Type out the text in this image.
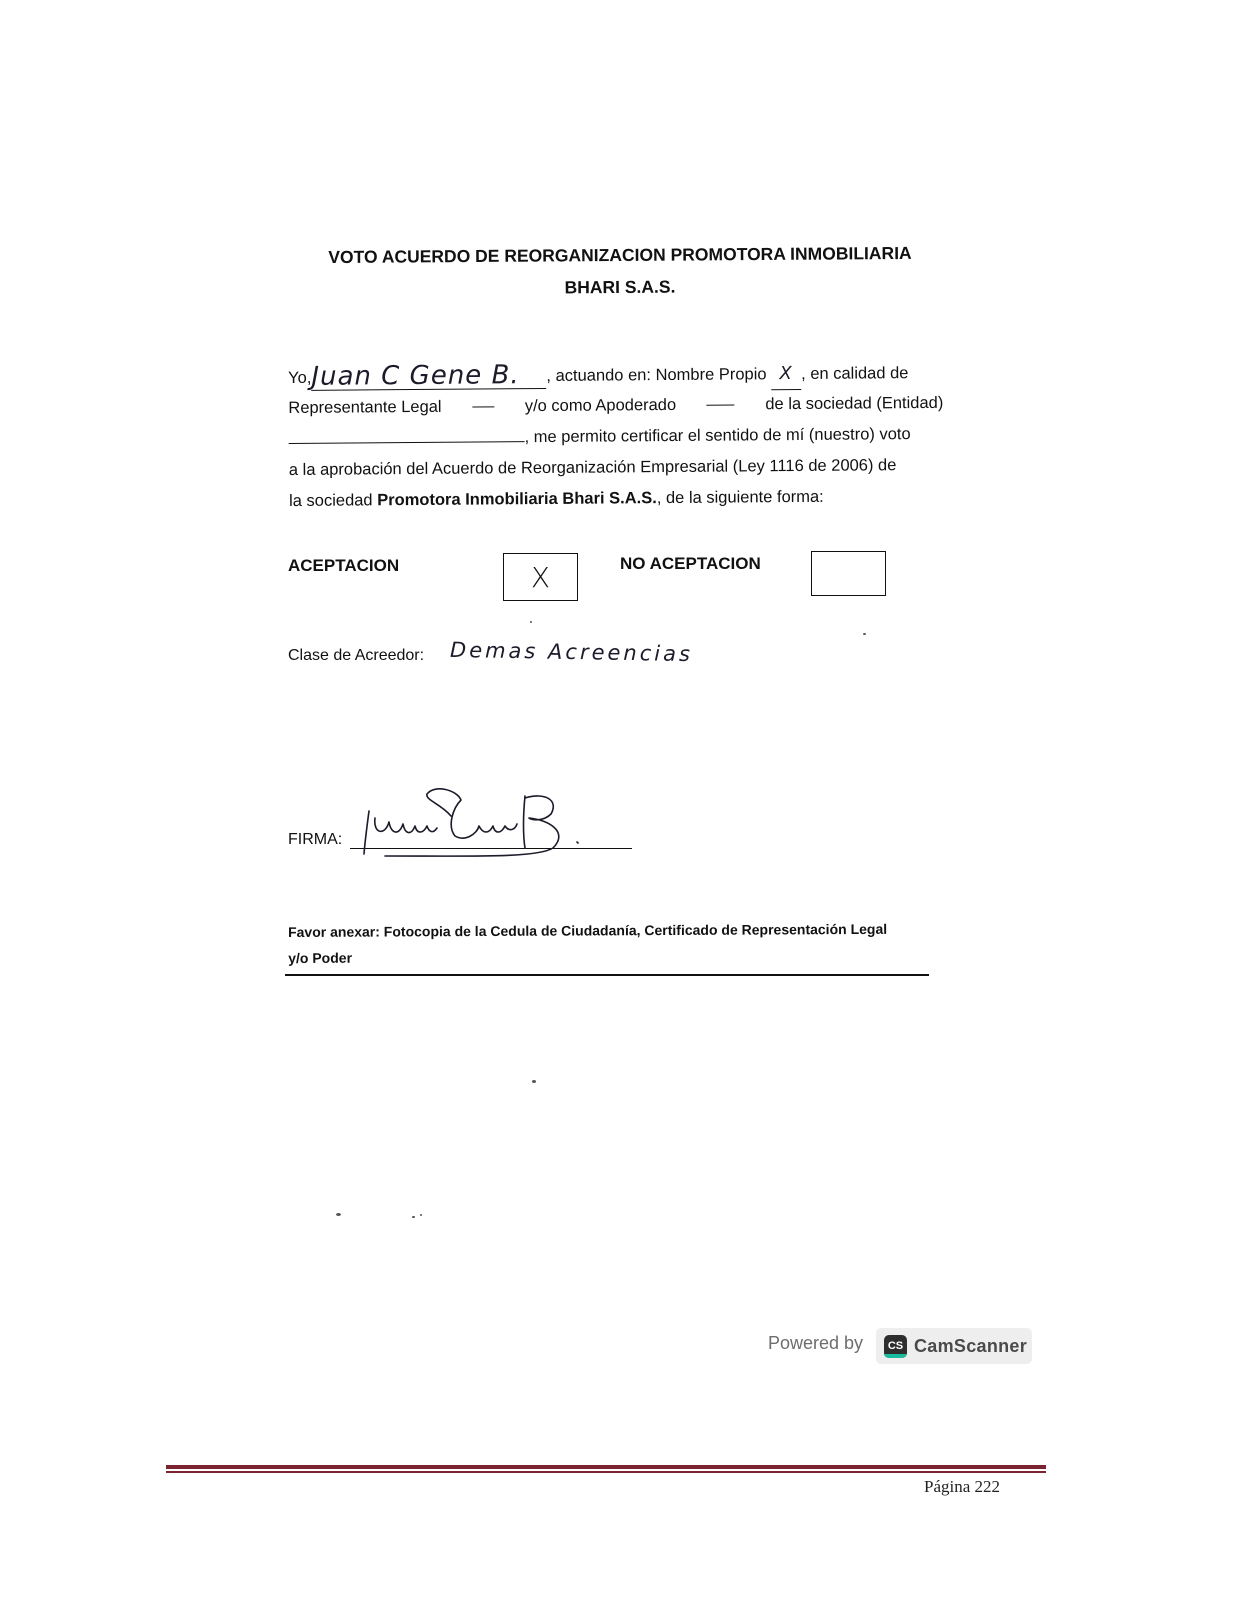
VOTO ACUERDO DE REORGANIZACION PROMOTORA INMOBILIARIA
BHARI S.A.S.
Yo,Juan C Gene B. , actuando en: Nombre Propio X , en calidad de
Representante Legal	y/o como Apoderado	de la sociedad (Entidad)
, me permito certificar el sentido de mí (nuestro) voto
a la aprobación del Acuerdo de Reorganización Empresarial (Ley 1116 de 2006) de
la sociedad Promotora Inmobiliaria Bhari S.A.S., de la siguiente forma:
ACEPTACION	X	NO ACEPTACION
Clase de Acreedor: Demas Acreencias
FIRMA:
Favor anexar: Fotocopia de la Cedula de Ciudadanía, Certificado de Representación Legal
y/o Poder
Powered by	CS CamScanner
Página 222
